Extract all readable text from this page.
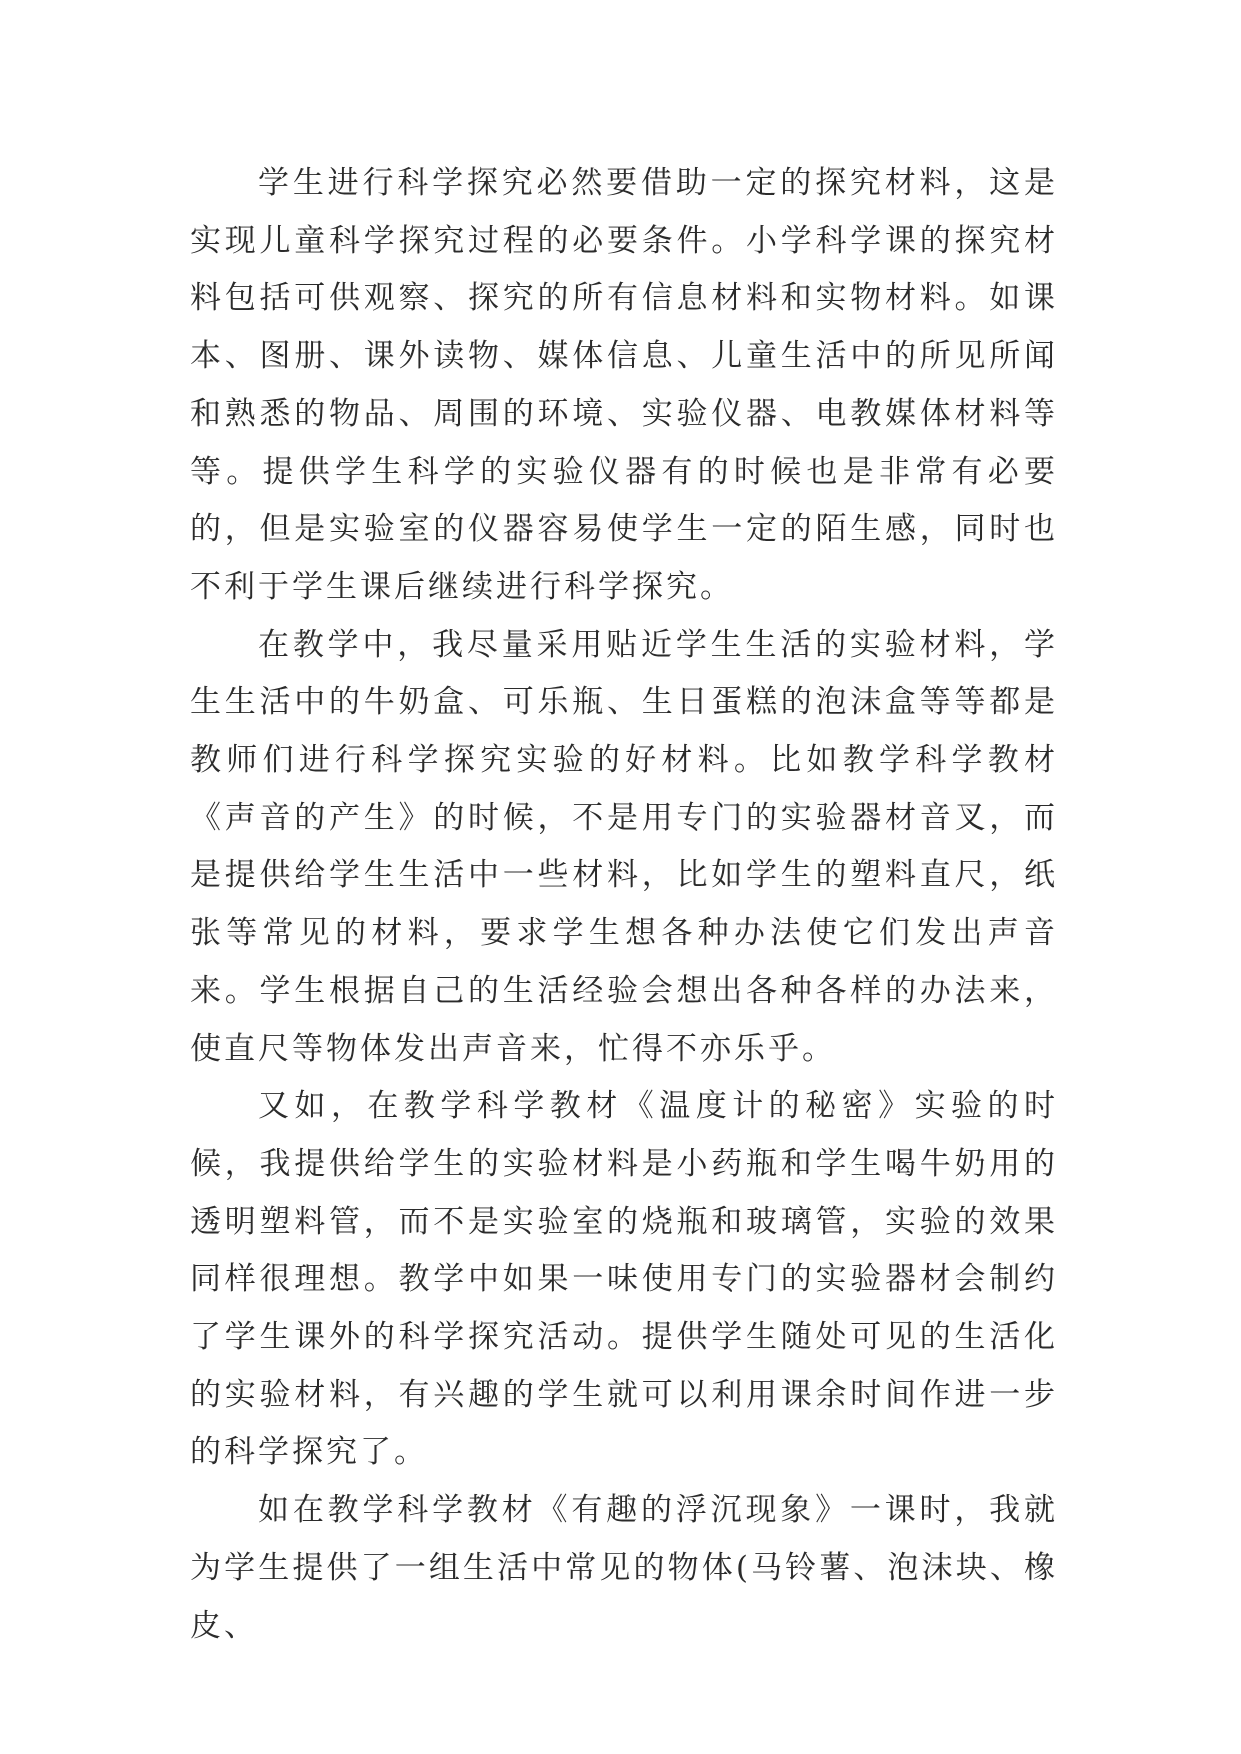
学生进行科学探究必然要借助一定的探究材料，这是实现儿童科学探究过程的必要条件。小学科学课的探究材料包括可供观察、探究的所有信息材料和实物材料。如课本、图册、课外读物、媒体信息、儿童生活中的所见所闻和熟悉的物品、周围的环境、实验仪器、电教媒体材料等等。提供学生科学的实验仪器有的时候也是非常有必要的，但是实验室的仪器容易使学生一定的陌生感，同时也不利于学生课后继续进行科学探究。

在教学中，我尽量采用贴近学生生活的实验材料，学生生活中的牛奶盒、可乐瓶、生日蛋糕的泡沫盒等等都是教师们进行科学探究实验的好材料。比如教学科学教材《声音的产生》的时候，不是用专门的实验器材音叉，而是提供给学生生活中一些材料，比如学生的塑料直尺，纸张等常见的材料，要求学生想各种办法使它们发出声音来。学生根据自己的生活经验会想出各种各样的办法来，使直尺等物体发出声音来，忙得不亦乐乎。

又如，在教学科学教材《温度计的秘密》实验的时候，我提供给学生的实验材料是小药瓶和学生喝牛奶用的透明塑料管，而不是实验室的烧瓶和玻璃管，实验的效果同样很理想。教学中如果一味使用专门的实验器材会制约了学生课外的科学探究活动。提供学生随处可见的生活化的实验材料，有兴趣的学生就可以利用课余时间作进一步的科学探究了。

如在教学科学教材《有趣的浮沉现象》一课时，我就为学生提供了一组生活中常见的物体(马铃薯、泡沫块、橡皮、
